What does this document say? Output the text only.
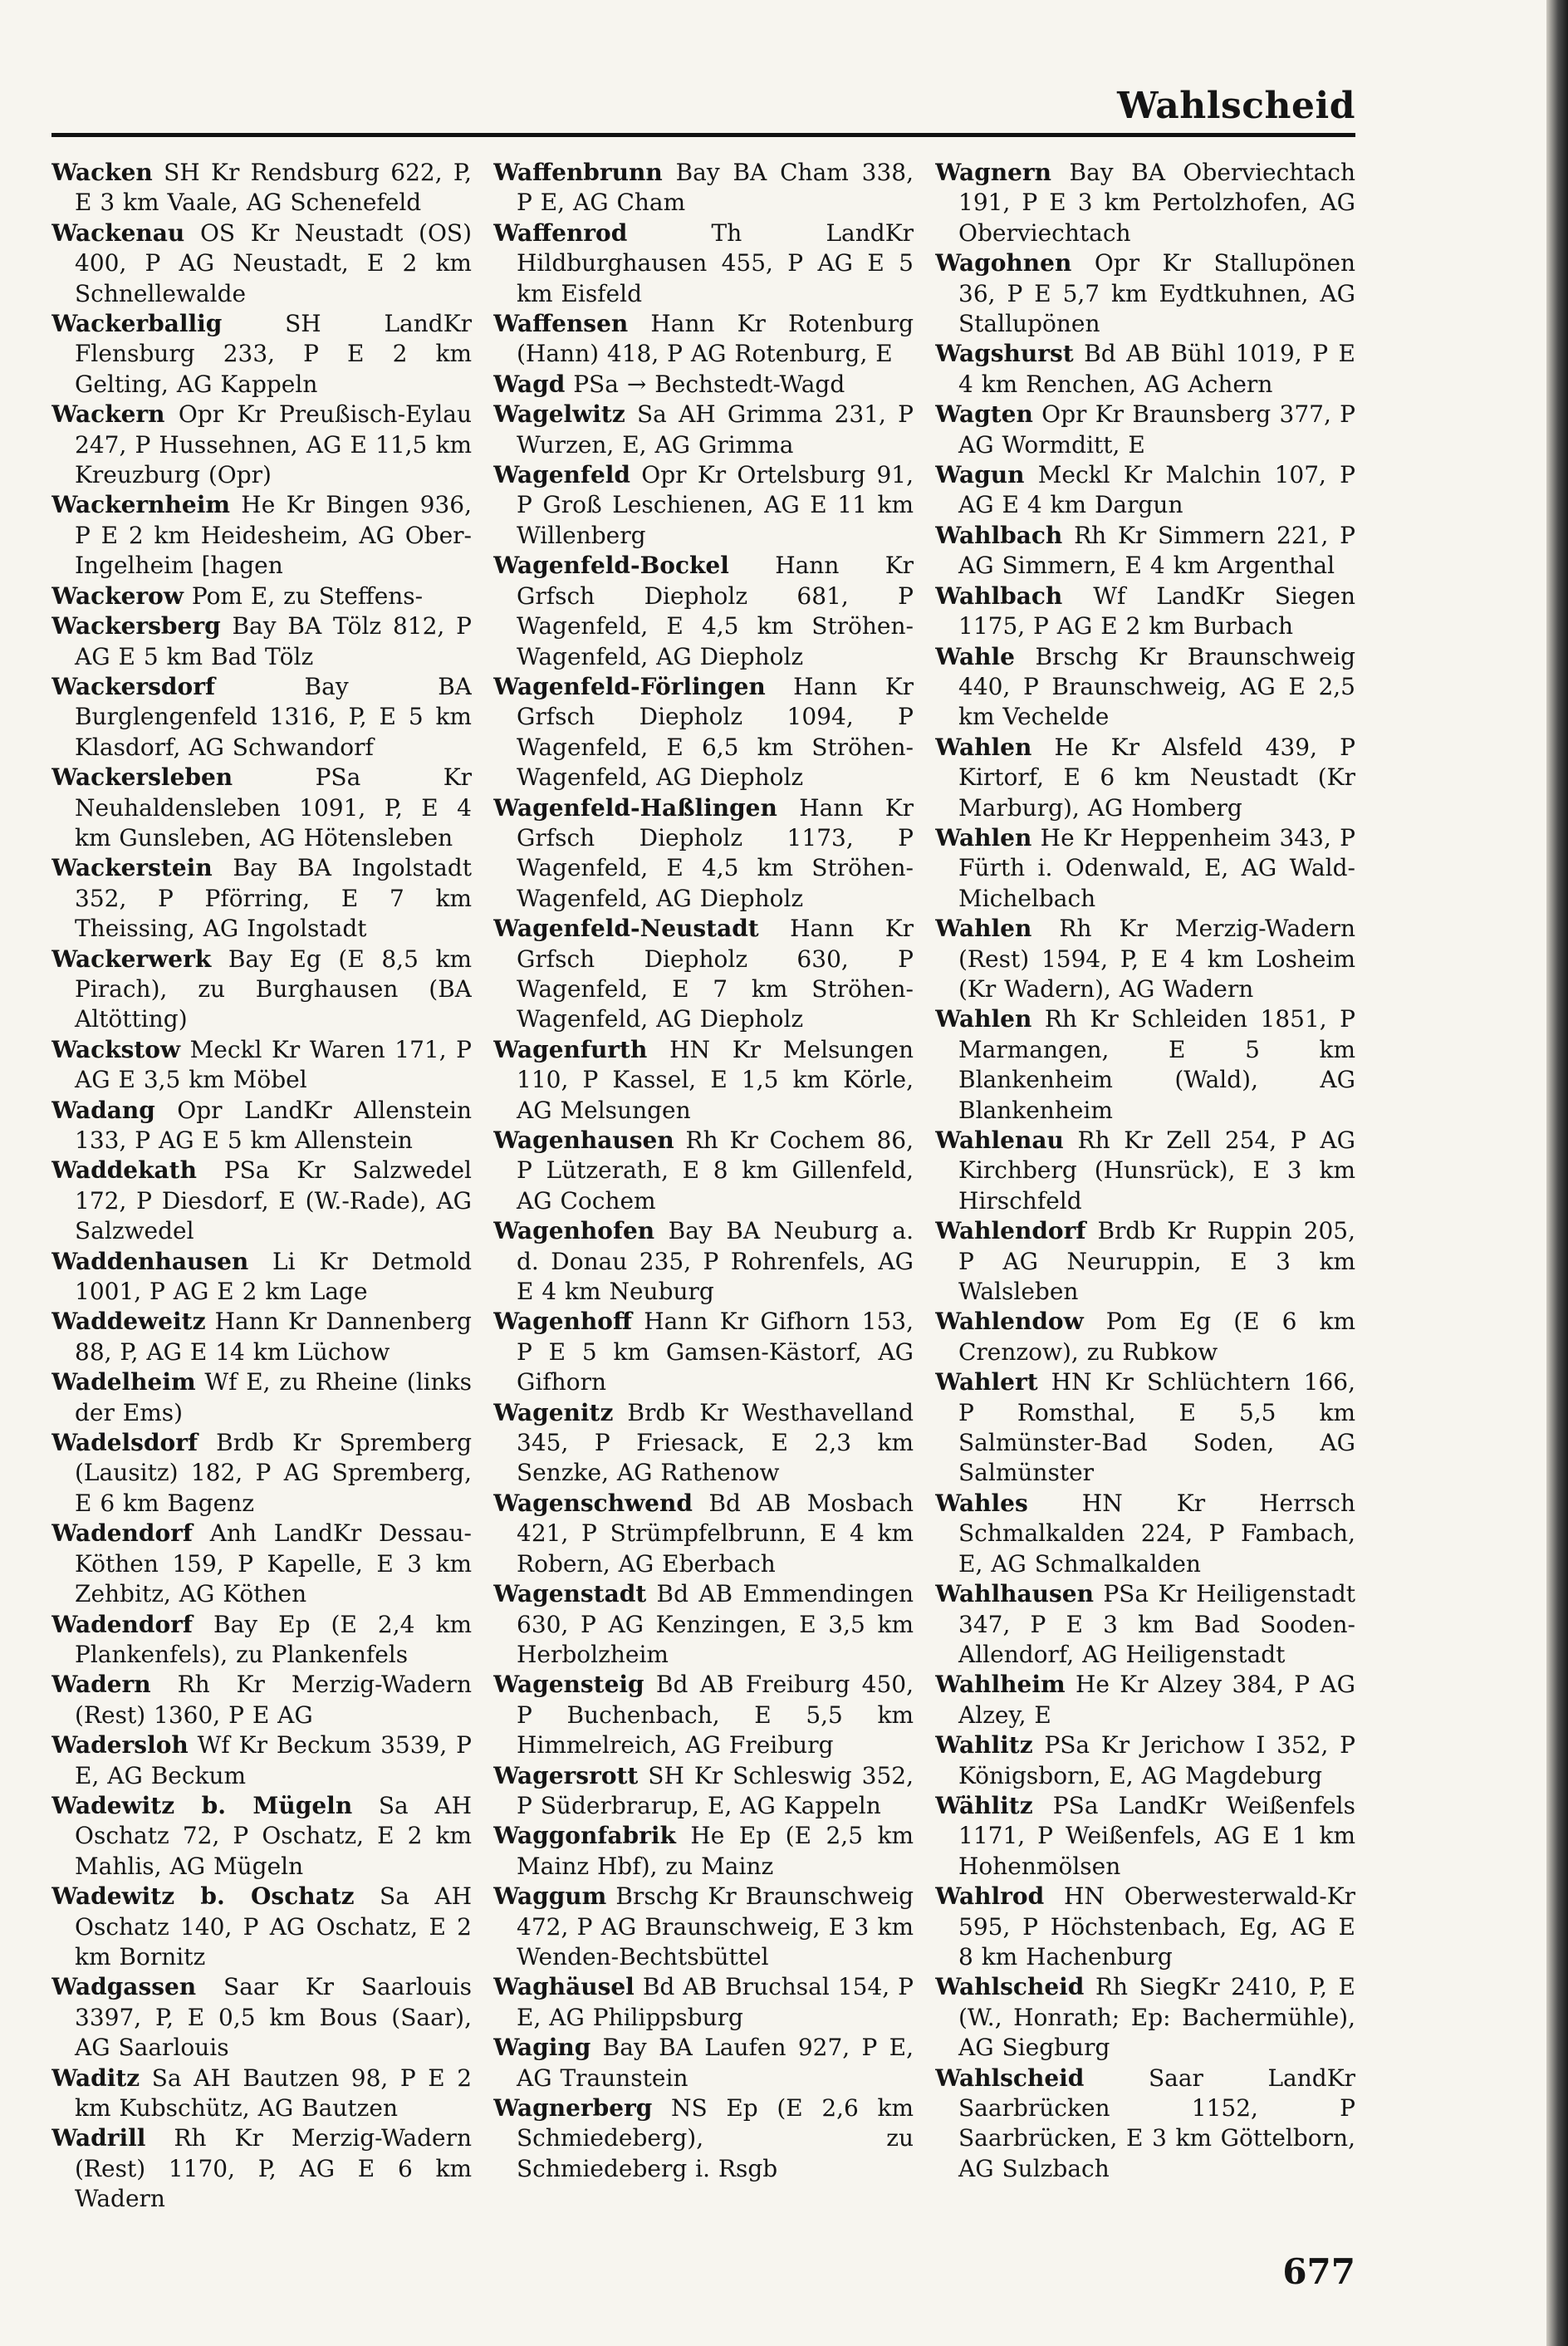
Wahlscheid
Wacken SH Kr Rendsburg 622, P, E 3 km Vaale, AG Schenefeld
Wackenau OS Kr Neustadt (OS) 400, P AG Neustadt, E 2 km Schnellewalde
Wackerballig	SH LandKr Flensburg 233, P E 2 km Gelting, AG Kappeln
Wackern Opr Kr Preußisch-Eylau 247, P Hussehnen, AG E 11,5 km Kreuzburg (Opr)
Wackernheim He Kr Bingen 936, P E 2 km Heidesheim, AG Ober-Ingelheim [hagen
Wackerow Pom E, zu Steffens-
Wackersberg Bay BA Tölz 812, P AG E 5 km Bad Tölz
Wackersdorf	Bay BA Burglengenfeld 1316, P, E 5 km Klasdorf, AG Schwandorf
Wackersleben	PSa Kr Neuhaldensleben 1091, P, E 4 km Gunsleben, AG Hötensleben
Wackerstein Bay BA Ingolstadt 352, P Pförring, E 7 km Theissing, AG Ingolstadt
Wackerwerk Bay Eg (E 8,5 km Pirach), zu Burghausen (BA Altötting)
Wackstow Meckl Kr Waren 171, P AG E 3,5 km Möbel
Wadang Opr LandKr Allenstein 133, P AG E 5 km Allenstein
Waddekath PSa Kr Salzwedel 172, P Diesdorf, E (W.-Rade), AG Salzwedel
Waddenhausen Li Kr Detmold 1001, P AG E 2 km Lage
Waddeweitz Hann Kr Dannenberg 88, P, AG E 14 km Lüchow
Wadelheim Wf E, zu Rheine (links der Ems)
Wadelsdorf Brdb Kr Spremberg (Lausitz) 182, P AG Spremberg, E 6 km Bagenz
Wadendorf Anh LandKr Dessau-Köthen 159, P Kapelle, E 3 km Zehbitz, AG Köthen
Wadendorf Bay Ep (E 2,4 km Plankenfels), zu Plankenfels
Wadern Rh Kr Merzig-Wadern (Rest) 1360, P E AG
Wadersloh Wf Kr Beckum 3539, P E, AG Beckum
Wadewitz b. Mügeln Sa AH Oschatz 72, P Oschatz, E 2 km Mahlis, AG Mügeln
Wadewitz b. Oschatz Sa AH Oschatz 140, P AG Oschatz, E 2 km Bornitz
Wadgassen Saar Kr Saarlouis 3397, P, E 0,5 km Bous (Saar), AG Saarlouis
Waditz Sa AH Bautzen 98, P E 2 km Kubschütz, AG Bautzen
Wadrill Rh Kr Merzig-Wadern (Rest) 1170, P, AG E 6 km Wadern
Waffenbrunn Bay BA Cham 338, P E, AG Cham
Waffenrod	Th LandKr Hildburghausen 455, P AG E 5 km Eisfeld
Waffensen Hann Kr Rotenburg (Hann) 418, P AG Rotenburg, E
Wagd PSa → Bechstedt-Wagd
Wagelwitz Sa AH Grimma 231, P Wurzen, E, AG Grimma
Wagenfeld Opr Kr Ortelsburg 91, P Groß Leschienen, AG E 11 km Willenberg
Wagenfeld-Bockel Hann Kr Grfsch Diepholz 681, P Wagenfeld, E 4,5 km Ströhen-Wagenfeld, AG Diepholz
Wagenfeld-Förlingen Hann Kr Grfsch Diepholz 1094, P Wagenfeld, E 6,5 km Ströhen-Wagenfeld, AG Diepholz
Wagenfeld-Haßlingen Hann Kr Grfsch Diepholz 1173, P Wagenfeld, E 4,5 km Ströhen-Wagenfeld, AG Diepholz
Wagenfeld-Neustadt Hann Kr Grfsch Diepholz 630, P Wagenfeld, E 7 km Ströhen-Wagenfeld, AG Diepholz
Wagenfurth HN Kr Melsungen 110, P Kassel, E 1,5 km Körle, AG Melsungen
Wagenhausen Rh Kr Cochem 86, P Lützerath, E 8 km Gillenfeld, AG Cochem
Wagenhofen Bay BA Neuburg a. d. Donau 235, P Rohrenfels, AG E 4 km Neuburg
Wagenhoff Hann Kr Gifhorn 153, P E 5 km Gamsen-Kästorf, AG Gifhorn
Wagenitz Brdb Kr Westhavelland 345, P Friesack, E 2,3 km Senzke, AG Rathenow
Wagenschwend Bd AB Mosbach 421, P Strümpfelbrunn, E 4 km Robern, AG Eberbach
Wagenstadt Bd AB Emmendingen 630, P AG Kenzingen, E 3,5 km Herbolzheim
Wagensteig Bd AB Freiburg 450, P Buchenbach, E 5,5 km Himmelreich, AG Freiburg
Wagersrott SH Kr Schleswig 352, P Süderbrarup, E, AG Kappeln
Waggonfabrik He Ep (E 2,5 km Mainz Hbf), zu Mainz
Waggum Brschg Kr Braunschweig 472, P AG Braunschweig, E 3 km Wenden-Bechtsbüttel
Waghäusel Bd AB Bruchsal 154, P E, AG Philippsburg
Waging Bay BA Laufen 927, P E, AG Traunstein
Wagnerberg NS Ep (E 2,6 km Schmiedeberg), zu Schmiedeberg i. Rsgb
Wagnern Bay BA Oberviechtach 191, P E 3 km Pertolzhofen, AG Oberviechtach
Wagohnen Opr Kr Stallupönen 36, P E 5,7 km Eydtkuhnen, AG Stallupönen
Wagshurst Bd AB Bühl 1019, P E 4 km Renchen, AG Achern
Wagten Opr Kr Braunsberg 377, P AG Wormditt, E
Wagun Meckl Kr Malchin 107, P AG E 4 km Dargun
Wahlbach Rh Kr Simmern 221, P AG Simmern, E 4 km Argenthal
Wahlbach Wf LandKr Siegen 1175, P AG E 2 km Burbach
Wahle Brschg Kr Braunschweig 440, P Braunschweig, AG E 2,5 km Vechelde
Wahlen He Kr Alsfeld 439, P Kirtorf, E 6 km Neustadt (Kr Marburg), AG Homberg
Wahlen He Kr Heppenheim 343, P Fürth i. Odenwald, E, AG Wald-Michelbach
Wahlen Rh Kr Merzig-Wadern (Rest) 1594, P, E 4 km Losheim (Kr Wadern), AG Wadern
Wahlen Rh Kr Schleiden 1851, P Marmangen, E 5 km Blankenheim (Wald), AG Blankenheim
Wahlenau Rh Kr Zell 254, P AG Kirchberg (Hunsrück), E 3 km Hirschfeld
Wahlendorf Brdb Kr Ruppin 205, P AG Neuruppin, E 3 km Walsleben
Wahlendow Pom Eg (E 6 km Crenzow), zu Rubkow
Wahlert HN Kr Schlüchtern 166, P Romsthal, E 5,5 km Salmünster-Bad Soden, AG Salmünster
Wahles HN Kr Herrsch Schmalkalden 224, P Fambach, E, AG Schmalkalden
Wahlhausen PSa Kr Heiligenstadt 347, P E 3 km Bad Sooden-Allendorf, AG Heiligenstadt
Wahlheim He Kr Alzey 384, P AG Alzey, E
Wahlitz PSa Kr Jerichow I 352, P Königsborn, E, AG Magdeburg
Wählitz PSa LandKr Weißenfels 1171, P Weißenfels, AG E 1 km Hohenmölsen
Wahlrod HN Oberwesterwald-Kr 595, P Höchstenbach, Eg, AG E 8 km Hachenburg
Wahlscheid Rh SiegKr 2410, P, E (W., Honrath; Ep: Bachermühle), AG Siegburg
Wahlscheid	Saar LandKr Saarbrücken 1152, P Saarbrücken, E 3 km Göttelborn, AG Sulzbach
677
